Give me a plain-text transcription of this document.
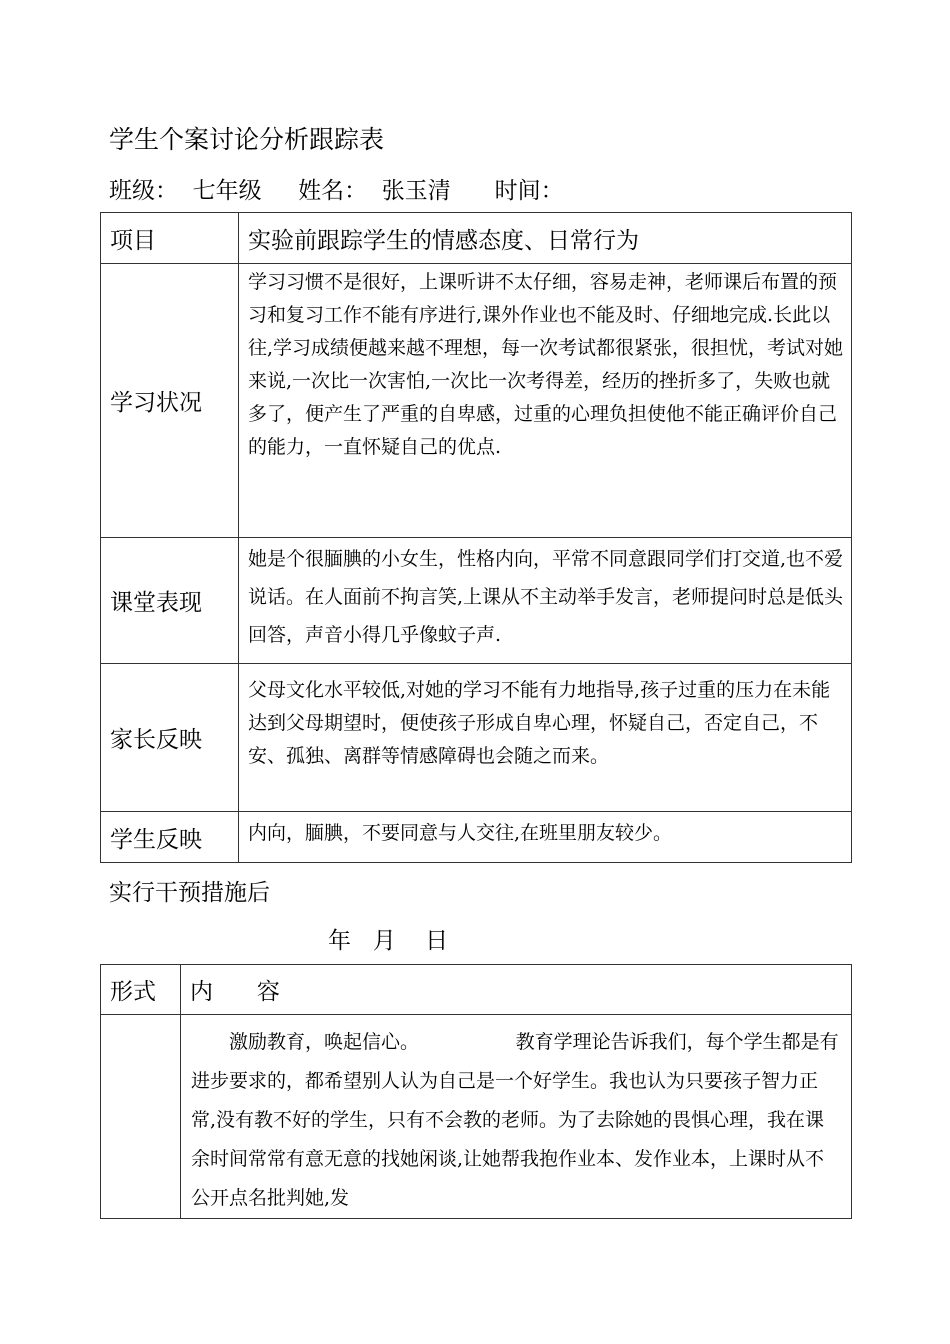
学生个案讨论分析跟踪表
班级：  七年级     姓名：  张玉清      时间：
项目	实验前跟踪学生的情感态度、日常行为
学习状况	学习习惯不是很好，上课听讲不太仔细，容易走神，老师课后布置的预习和复习工作不能有序进行,课外作业也不能及时、仔细地完成.长此以往,学习成绩便越来越不理想，每一次考试都很紧张，很担忧，考试对她来说,一次比一次害怕,一次比一次考得差，经历的挫折多了，失败也就多了，便产生了严重的自卑感，过重的心理负担使他不能正确评价自己的能力，一直怀疑自己的优点.
课堂表现	她是个很腼腆的小女生，性格内向，平常不同意跟同学们打交道,也不爱说话。在人面前不拘言笑,上课从不主动举手发言，老师提问时总是低头回答，声音小得几乎像蚊子声.
家长反映	父母文化水平较低,对她的学习不能有力地指导,孩子过重的压力在未能达到父母期望时，便使孩子形成自卑心理，怀疑自己，否定自己，不安、孤独、离群等情感障碍也会随之而来。
学生反映	内向，腼腆，不要同意与人交往,在班里朋友较少。
实行干预措施后
年   月    日
形式	内      容
	激励教育，唤起信心。                教育学理论告诉我们，每个学生都是有进步要求的，都希望别人认为自己是一个好学生。我也认为只要孩子智力正常,没有教不好的学生，只有不会教的老师。为了去除她的畏惧心理，我在课余时间常常有意无意的找她闲谈,让她帮我抱作业本、发作业本，上课时从不公开点名批判她,发
